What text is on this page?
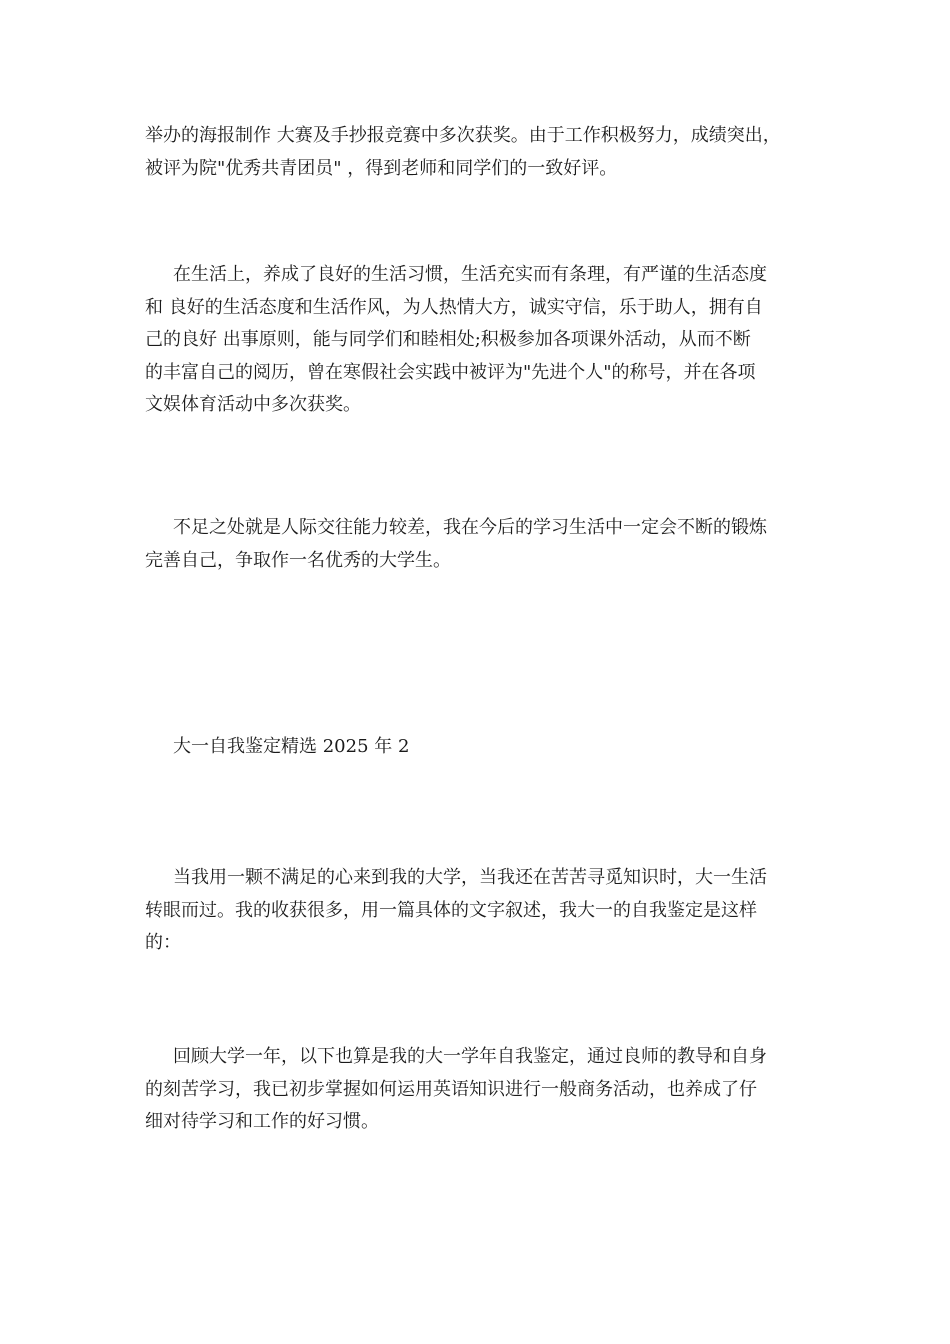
举办的海报制作 大赛及手抄报竞赛中多次获奖。由于工作积极努力，成绩突出，
被评为院"优秀共青团员" ，得到老师和同学们的一致好评。

在生活上，养成了良好的生活习惯，生活充实而有条理，有严谨的生活态度
和 良好的生活态度和生活作风，为人热情大方，诚实守信，乐于助人，拥有自
己的良好 出事原则，能与同学们和睦相处;积极参加各项课外活动，从而不断
的丰富自己的阅历，曾在寒假社会实践中被评为"先进个人"的称号，并在各项
文娱体育活动中多次获奖。

不足之处就是人际交往能力较差，我在今后的学习生活中一定会不断的锻炼
完善自己，争取作一名优秀的大学生。

大一自我鉴定精选 2025 年 2

当我用一颗不满足的心来到我的大学，当我还在苦苦寻觅知识时，大一生活
转眼而过。我的收获很多，用一篇具体的文字叙述，我大一的自我鉴定是这样
的：

回顾大学一年，以下也算是我的大一学年自我鉴定，通过良师的教导和自身
的刻苦学习，我已初步掌握如何运用英语知识进行一般商务活动，也养成了仔
细对待学习和工作的好习惯。
